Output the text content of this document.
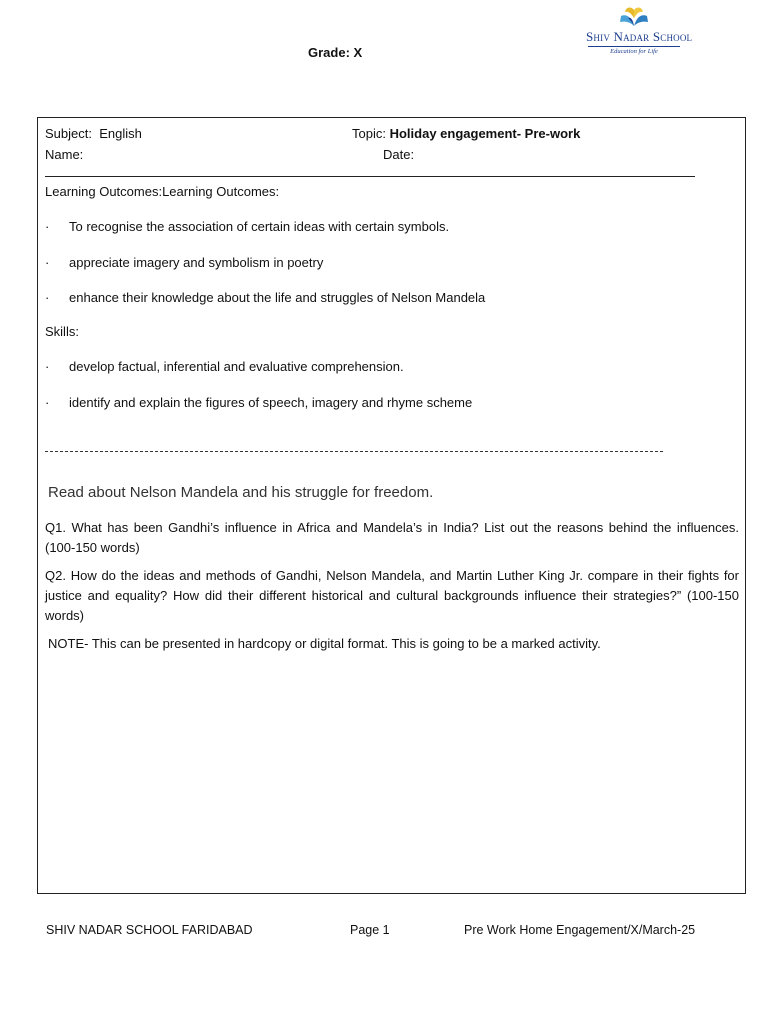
Grade: X
Shiv Nadar School
Education for Life
Subject: English	Topic: Holiday engagement- Pre-work
Name:	Date:
Learning Outcomes:Learning Outcomes:
· To recognise the association of certain ideas with certain symbols.
· appreciate imagery and symbolism in poetry
· enhance their knowledge about the life and struggles of Nelson Mandela
Skills:
· develop factual, inferential and evaluative comprehension.
· identify and explain the figures of speech, imagery and rhyme scheme
Read about Nelson Mandela and his struggle for freedom.
Q1. What has been Gandhi’s influence in Africa and Mandela’s in India? List out the reasons behind the influences. (100-150 words)
Q2. How do the ideas and methods of Gandhi, Nelson Mandela, and Martin Luther King Jr. compare in their fights for justice and equality? How did their different historical and cultural backgrounds influence their strategies?” (100-150 words)
NOTE- This can be presented in hardcopy or digital format. This is going to be a marked activity.
SHIV NADAR SCHOOL FARIDABAD	Page 1	Pre Work Home Engagement/X/March-25
